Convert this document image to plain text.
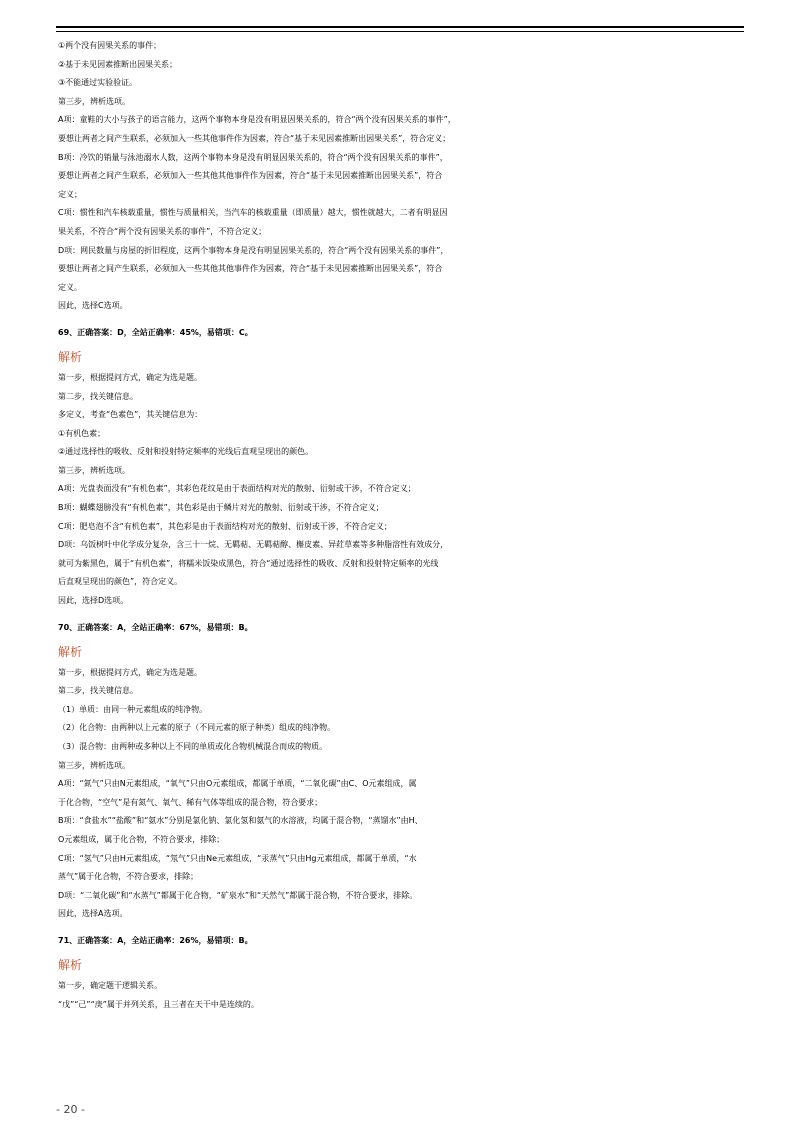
①两个没有因果关系的事件；
②基于未见因素推断出因果关系；
③不能通过实验验证。
第三步，辨析选项。
A项：童鞋的大小与孩子的语言能力，这两个事物本身是没有明显因果关系的，符合“两个没有因果关系的事件”，
要想让两者之间产生联系，必须加入一些其他事件作为因素，符合“基于未见因素推断出因果关系”，符合定义；
B项：冷饮的销量与泳池溺水人数，这两个事物本身是没有明显因果关系的，符合“两个没有因果关系的事件”，
要想让两者之间产生联系，必须加入一些其他其他事件作为因素，符合“基于未见因素推断出因果关系”，符合
定义；
C项：惯性和汽车核载重量，惯性与质量相关，当汽车的核载重量（即质量）越大，惯性就越大，二者有明显因
果关系，不符合“两个没有因果关系的事件”，不符合定义；
D项：网民数量与房屋的折旧程度，这两个事物本身是没有明显因果关系的，符合“两个没有因果关系的事件”，
要想让两者之间产生联系，必须加入一些其他其他事件作为因素，符合“基于未见因素推断出因果关系”，符合
定义。
因此，选择C选项。
69、正确答案：D，全站正确率：45%，易错项：C。
解析
第一步，根据提问方式，确定为选是题。
第二步，找关键信息。
多定义，考查“色素色”，其关键信息为：
①有机色素；
②通过选择性的吸收、反射和投射特定频率的光线后直观呈现出的颜色。
第三步，辨析选项。
A项：光盘表面没有“有机色素”，其彩色花纹是由于表面结构对光的散射、衍射或干涉，不符合定义；
B项：蝴蝶翅膀没有“有机色素”，其色彩是由于鳞片对光的散射、衍射或干涉，不符合定义；
C项：肥皂泡不含“有机色素”，其色彩是由于表面结构对光的散射、衍射或干涉，不符合定义；
D项：乌饭树叶中化学成分复杂，含三十一烷、无羁萜、无羁萜醇、槲皮素、异荭草素等多种脂溶性有效成分，
就可为紫黑色，属于“有机色素”，将糯米饭染成黑色，符合“通过选择性的吸收、反射和投射特定频率的光线
后直观呈现出的颜色”，符合定义。
因此，选择D选项。
70、正确答案：A，全站正确率：67%，易错项：B。
解析
第一步，根据提问方式，确定为选是题。
第二步，找关键信息。
（1）单质：由同一种元素组成的纯净物。
（2）化合物：由两种以上元素的原子（不同元素的原子种类）组成的纯净物。
（3）混合物：由两种或多种以上不同的单质或化合物机械混合而成的物质。
第三步，辨析选项。
A项：“氮气”只由N元素组成，“氧气”只由O元素组成，都属于单质，“二氧化碳”由C、O元素组成，属
于化合物，“空气”是有氮气、氧气、稀有气体等组成的混合物，符合要求；
B项：“食盐水”“盐酸”和“氨水”分别是氯化钠、氯化氢和氨气的水溶液，均属于混合物，“蒸馏水”由H、
O元素组成，属于化合物，不符合要求，排除；
C项：“氢气”只由H元素组成，“氖气”只由Ne元素组成，“汞蒸气”只由Hg元素组成，都属于单质，“水
蒸气”属于化合物，不符合要求，排除；
D项：“二氧化碳”和“水蒸气”都属于化合物，“矿泉水”和“天然气”都属于混合物，不符合要求，排除。
因此，选择A选项。
71、正确答案：A，全站正确率：26%，易错项：B。
解析
第一步，确定题干逻辑关系。
“戊”“己”“庚”属于并列关系，且三者在天干中是连续的。
- 20 -
